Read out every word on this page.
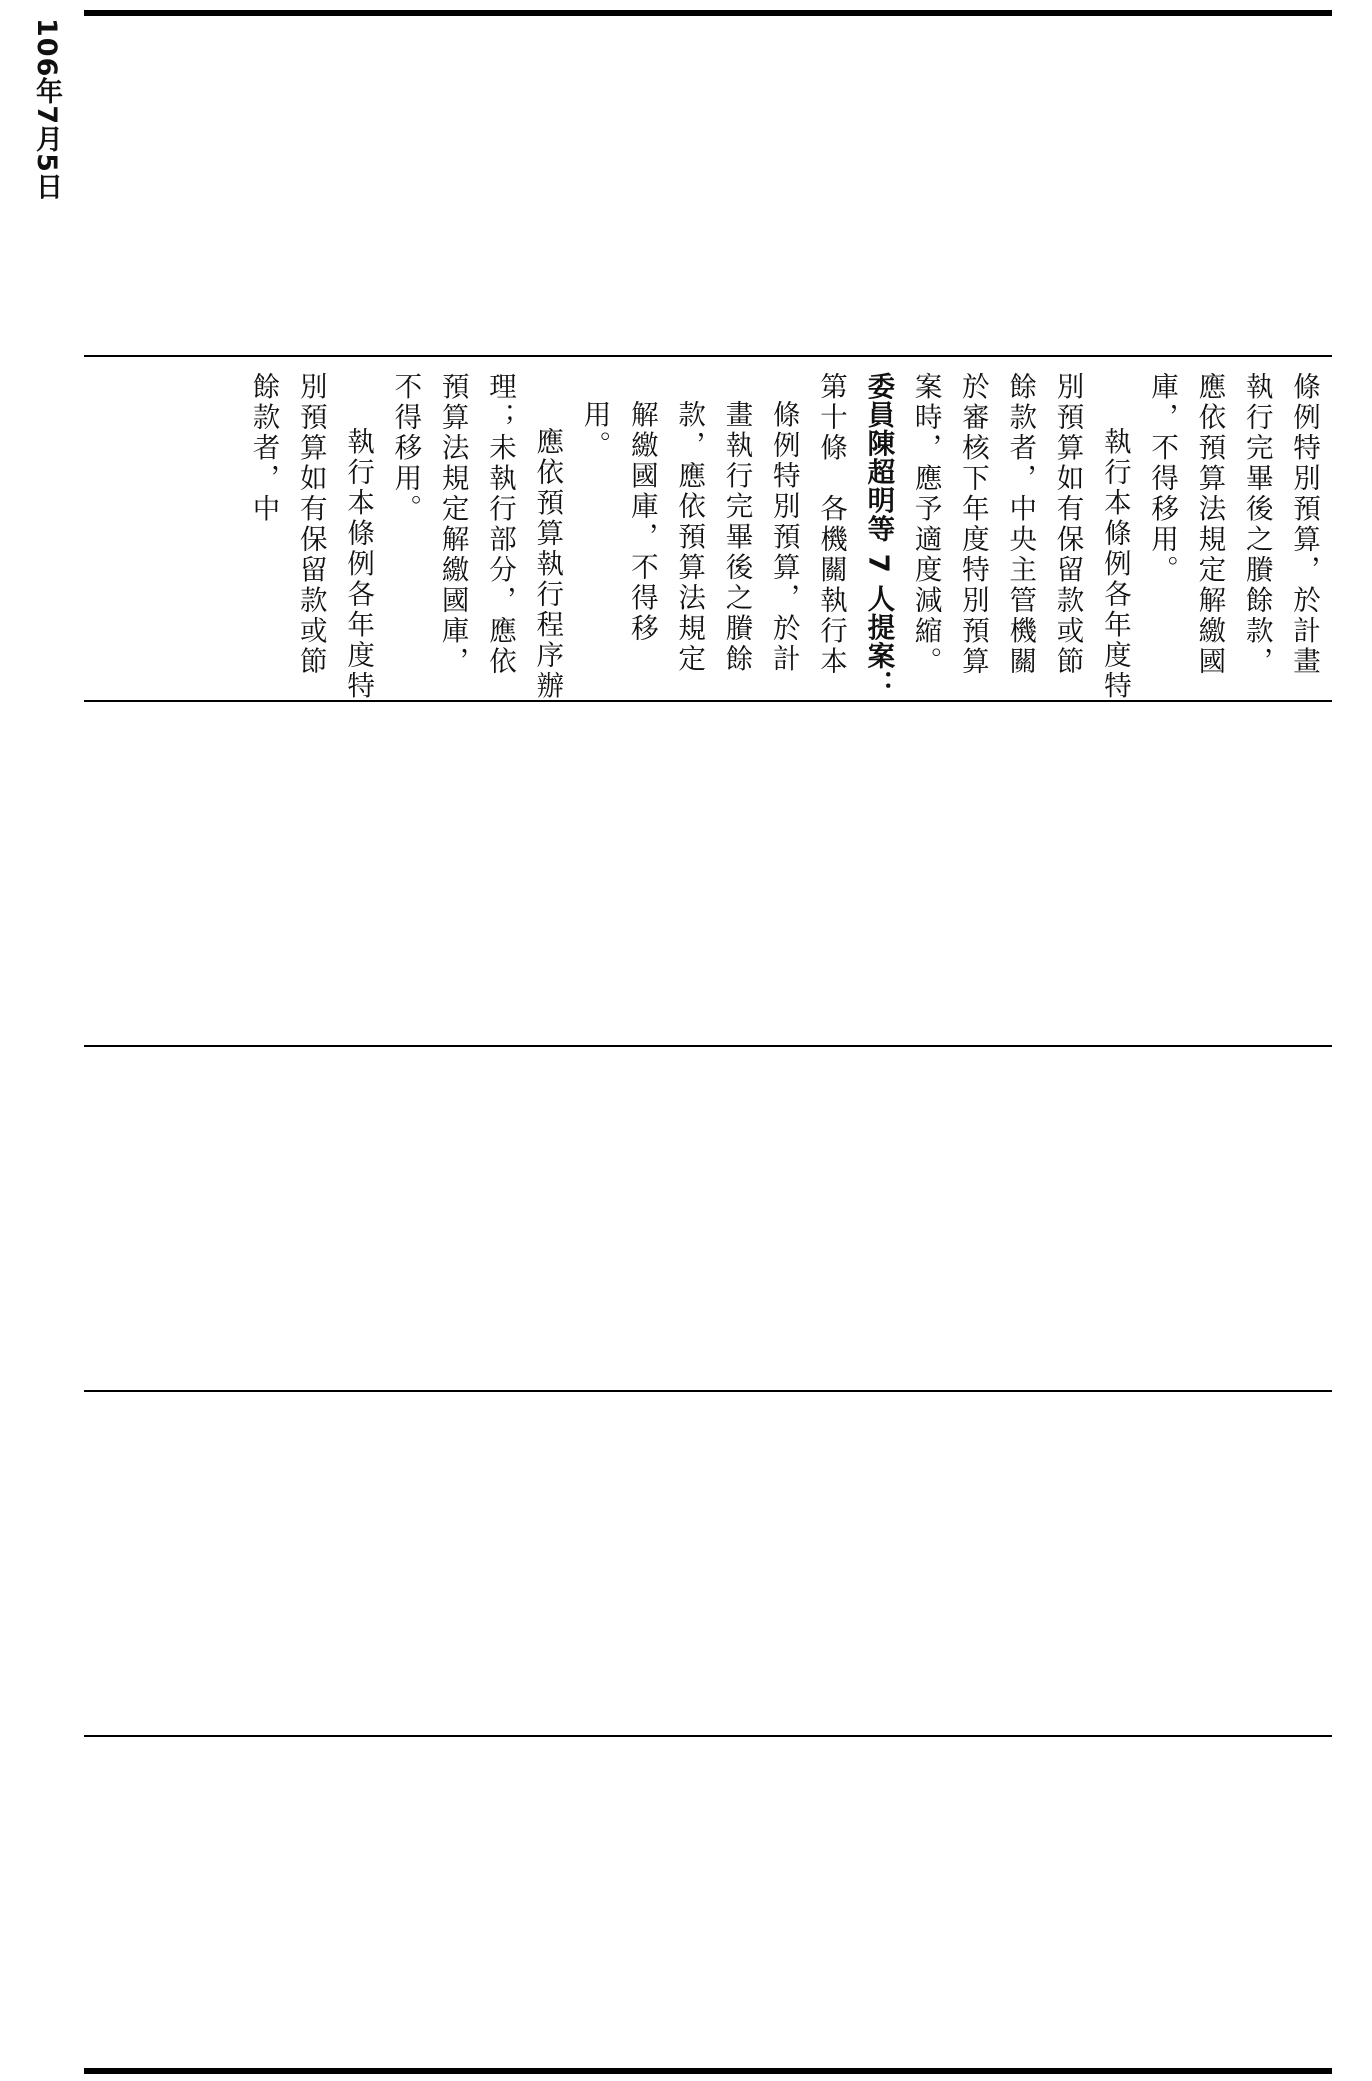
106年7月5日

條例特別預算，於計畫執行完畢後之賸餘款，應依預算法規定解繳國庫，不得移用。

執行本條例各年度特別預算如有保留款或節餘款者，中央主管機關於審核下年度特別預算案時，應予適度減縮。

委員陳超明等 7 人提案：

第十條　各機關執行本條例特別預算，於計畫執行完畢後之賸餘款，應依預算法規定解繳國庫，不得移用。

應依預算執行程序辦理；未執行部分，應依預算法規定解繳國庫，不得移用。

執行本條例各年度特別預算如有保留款或節餘款者，中
